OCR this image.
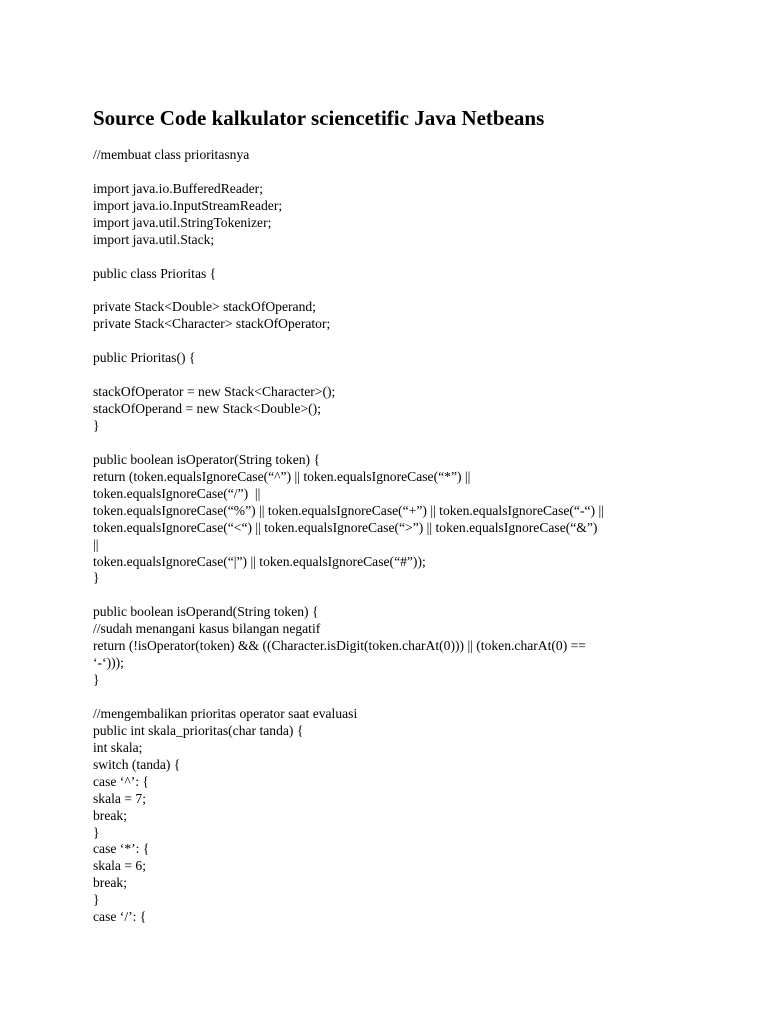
Source Code kalkulator sciencetific Java Netbeans
//membuat class prioritasnya
import java.io.BufferedReader;
import java.io.InputStreamReader;
import java.util.StringTokenizer;
import java.util.Stack;
public class Prioritas {
private Stack<Double> stackOfOperand;
private Stack<Character> stackOfOperator;
public Prioritas() {
stackOfOperator = new Stack<Character>();
stackOfOperand = new Stack<Double>();
}
public boolean isOperator(String token) {
return (token.equalsIgnoreCase(“^”) || token.equalsIgnoreCase(“*”) ||
token.equalsIgnoreCase(“/”)  ||
token.equalsIgnoreCase(“%”) || token.equalsIgnoreCase(“+”) || token.equalsIgnoreCase(“-“) ||
token.equalsIgnoreCase(“<“) || token.equalsIgnoreCase(“>”) || token.equalsIgnoreCase(“&”)
||
token.equalsIgnoreCase(“|”) || token.equalsIgnoreCase(“#”));
}
public boolean isOperand(String token) {
//sudah menangani kasus bilangan negatif
return (!isOperator(token) && ((Character.isDigit(token.charAt(0))) || (token.charAt(0) ==
‘-‘)));
}
//mengembalikan prioritas operator saat evaluasi
public int skala_prioritas(char tanda) {
int skala;
switch (tanda) {
case ‘^’: {
skala = 7;
break;
}
case ‘*’: {
skala = 6;
break;
}
case ‘/’: {
